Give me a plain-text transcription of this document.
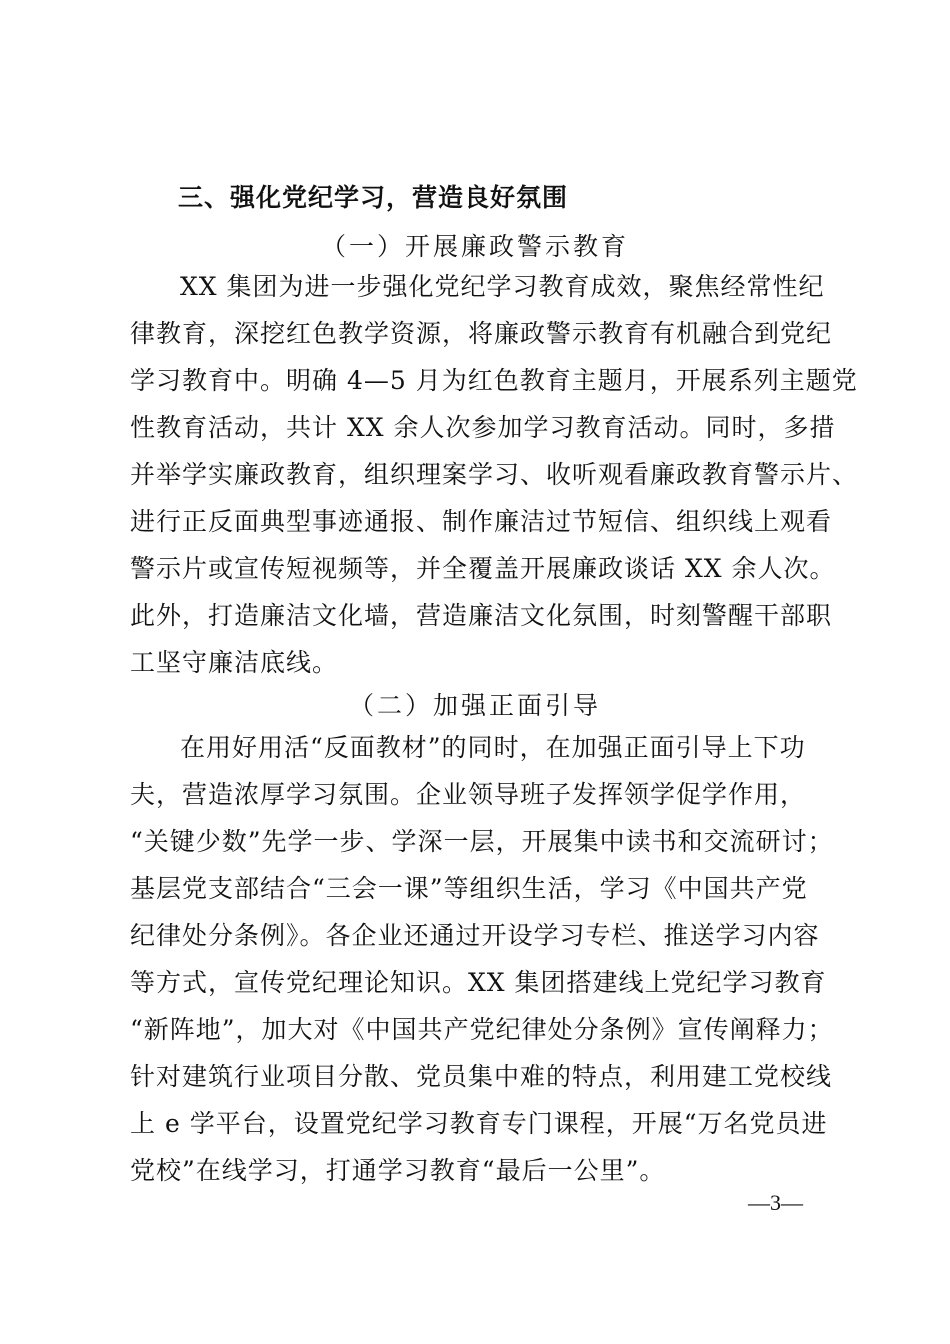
三、强化党纪学习，营造良好氛围
（一）开展廉政警示教育
XX 集团为进一步强化党纪学习教育成效，聚焦经常性纪
律教育，深挖红色教学资源，将廉政警示教育有机融合到党纪
学习教育中。明确 4—5 月为红色教育主题月，开展系列主题党
性教育活动，共计 XX 余人次参加学习教育活动。同时，多措
并举学实廉政教育，组织理案学习、收听观看廉政教育警示片、
进行正反面典型事迹通报、制作廉洁过节短信、组织线上观看
警示片或宣传短视频等，并全覆盖开展廉政谈话 XX 余人次。
此外，打造廉洁文化墙，营造廉洁文化氛围，时刻警醒干部职
工坚守廉洁底线。
（二）加强正面引导
在用好用活“反面教材”的同时，在加强正面引导上下功
夫，营造浓厚学习氛围。企业领导班子发挥领学促学作用，
“关键少数”先学一步、学深一层，开展集中读书和交流研讨；
基层党支部结合“三会一课”等组织生活，学习《中国共产党
纪律处分条例》。各企业还通过开设学习专栏、推送学习内容
等方式，宣传党纪理论知识。XX 集团搭建线上党纪学习教育
“新阵地”，加大对《中国共产党纪律处分条例》宣传阐释力；
针对建筑行业项目分散、党员集中难的特点，利用建工党校线
上 e 学平台，设置党纪学习教育专门课程，开展“万名党员进
党校”在线学习，打通学习教育“最后一公里”。
—3—
